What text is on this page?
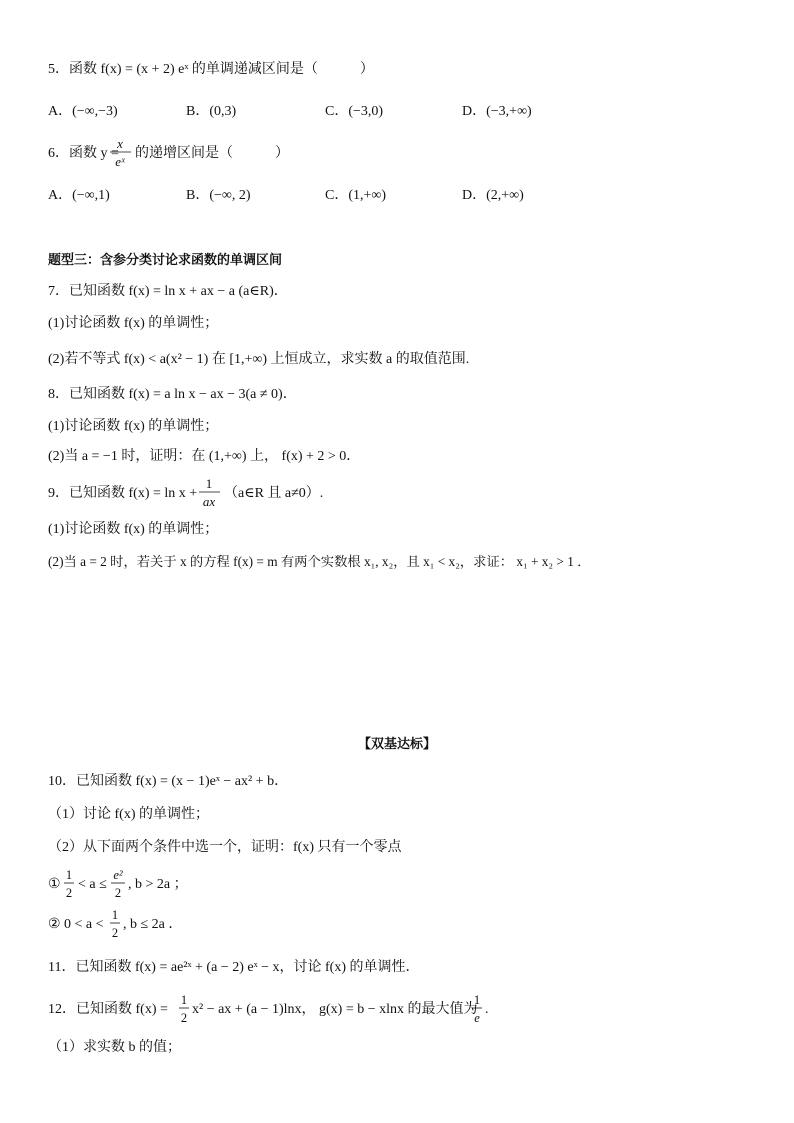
5．函数 f(x) = (x + 2) eˣ 的单调递减区间是（　　　）
A．(−∞,−3)	B．(0,3)	C．(−3,0)	D．(−3,+∞)
6．函数 y =
x
eˣ
的递增区间是（　　　）
A．(−∞,1)	B．(−∞, 2)	C．(1,+∞)	D．(2,+∞)
题型三：含参分类讨论求函数的单调区间
7．已知函数 f(x) = ln x + ax − a (a∈R)．
(1)讨论函数 f(x) 的单调性；
(2)若不等式 f(x) < a(x² − 1) 在 [1,+∞) 上恒成立，求实数 a 的取值范围.
8．已知函数 f(x) = a ln x − ax − 3(a ≠ 0)．
(1)讨论函数 f(x) 的单调性；
(2)当 a = −1 时，证明：在 (1,+∞) 上， f(x) + 2 > 0．
9．已知函数 f(x) = ln x +
1
ax
（a∈R 且 a≠0）.
(1)讨论函数 f(x) 的单调性；
(2)当 a = 2 时，若关于 x 的方程 f(x) = m 有两个实数根 x₁, x₂，且 x₁ < x₂，求证： x₁ + x₂ > 1 ．
【双基达标】
10．已知函数 f(x) = (x − 1)eˣ − ax² + b．
（1）讨论 f(x) 的单调性；
（2）从下面两个条件中选一个，证明：f(x) 只有一个零点
①
1
2
< a ≤
e²
2
, b > 2a ；
② 0 < a <
1
2
, b ≤ 2a ．
11．已知函数 f(x) = ae²ˣ + (a − 2) eˣ − x，讨论 f(x) 的单调性．
12．已知函数 f(x) =
1
2
x² − ax + (a − 1)lnx， g(x) = b − xlnx 的最大值为
1
e
.
（1）求实数 b 的值；
